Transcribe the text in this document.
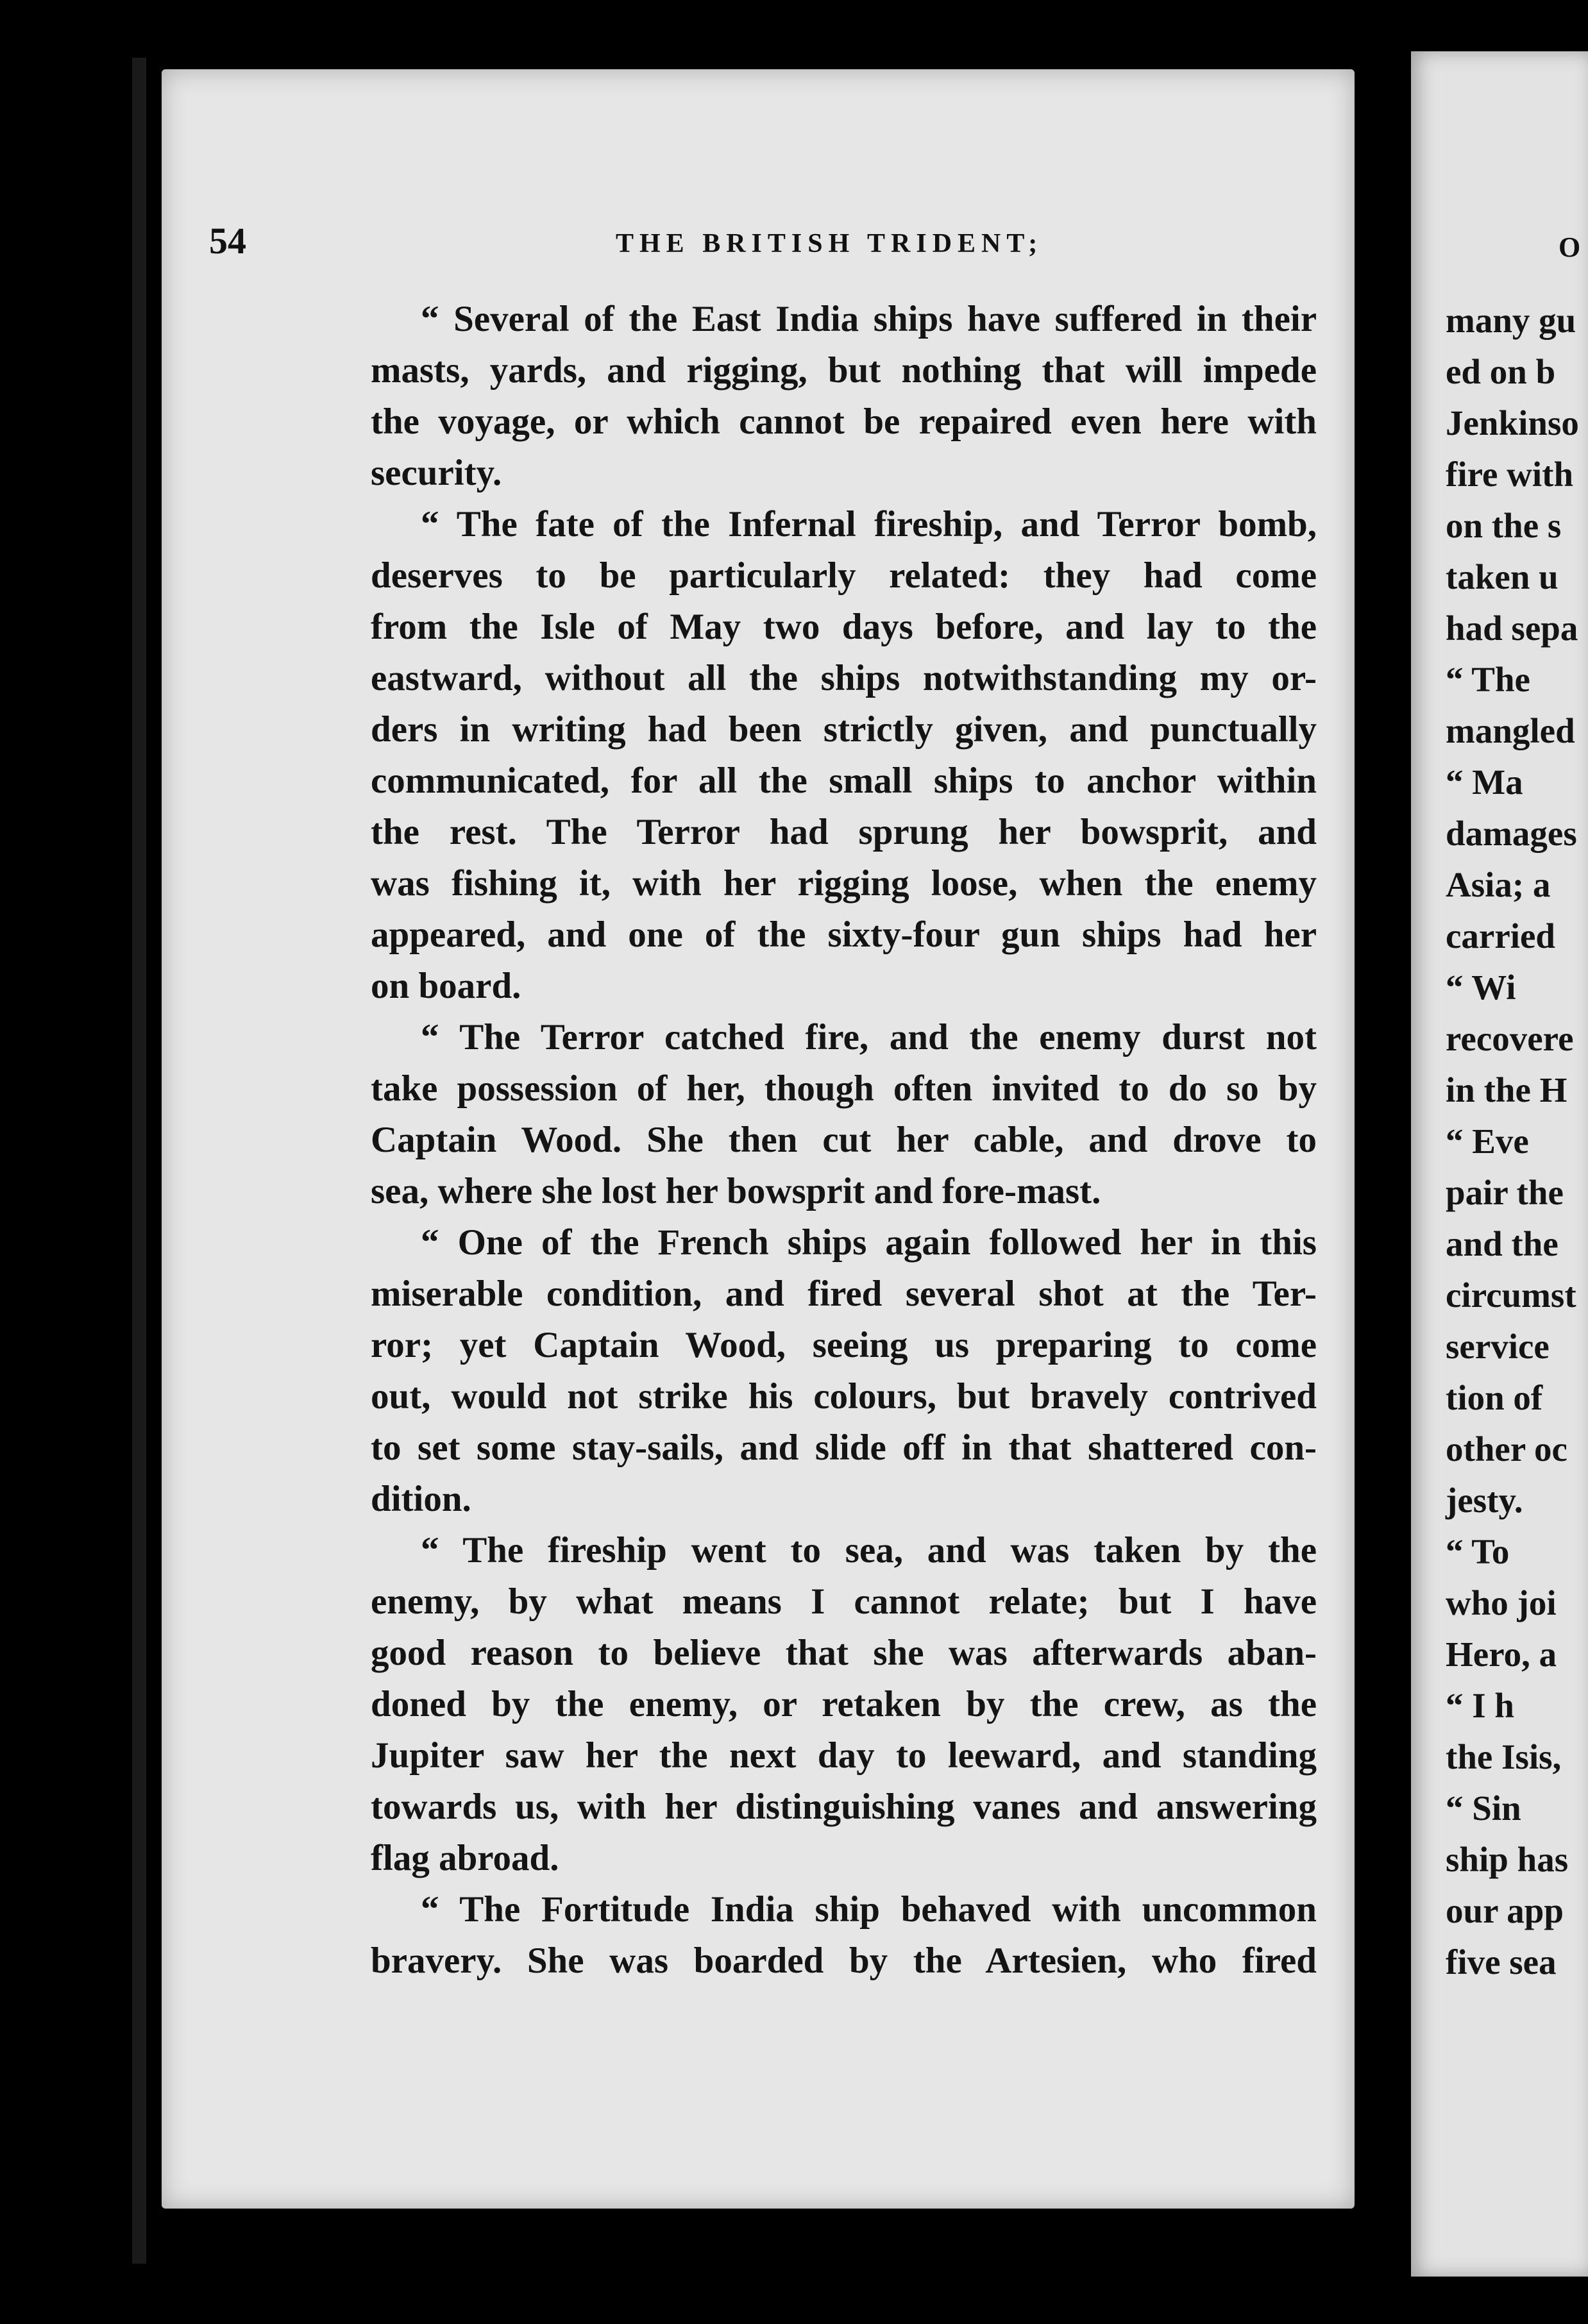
54	THE BRITISH TRIDENT;	O
“ Several of the East India ships have suffered in their
masts, yards, and rigging, but nothing that will impede
the voyage, or which cannot be repaired even here with
security.
“ The fate of the Infernal fireship, and Terror bomb,
deserves to be particularly related: they had come
from the Isle of May two days before, and lay to the
eastward, without all the ships notwithstanding my or-
ders in writing had been strictly given, and punctually
communicated, for all the small ships to anchor within
the rest. The Terror had sprung her bowsprit, and
was fishing it, with her rigging loose, when the enemy
appeared, and one of the sixty-four gun ships had her
on board.
“ The Terror catched fire, and the enemy durst not
take possession of her, though often invited to do so by
Captain Wood. She then cut her cable, and drove to
sea, where she lost her bowsprit and fore-mast.
“ One of the French ships again followed her in this
miserable condition, and fired several shot at the Ter-
ror; yet Captain Wood, seeing us preparing to come
out, would not strike his colours, but bravely contrived
to set some stay-sails, and slide off in that shattered con-
dition.
“ The fireship went to sea, and was taken by the
enemy, by what means I cannot relate; but I have
good reason to believe that she was afterwards aban-
doned by the enemy, or retaken by the crew, as the
Jupiter saw her the next day to leeward, and standing
towards us, with her distinguishing vanes and answering
flag abroad.
“ The Fortitude India ship behaved with uncommon
bravery. She was boarded by the Artesien, who fired
many gu
ed on b
Jenkinso
fire with
on the s
taken u
had sepa
“ The
mangled
“ Ma
damages
Asia; a
carried
“ Wi
recovere
in the H
“ Eve
pair the
and the
circumst
service
tion of
other oc
jesty.
“ To
who joi
Hero, a
“ I h
the Isis,
“ Sin
ship has
our app
five sea
